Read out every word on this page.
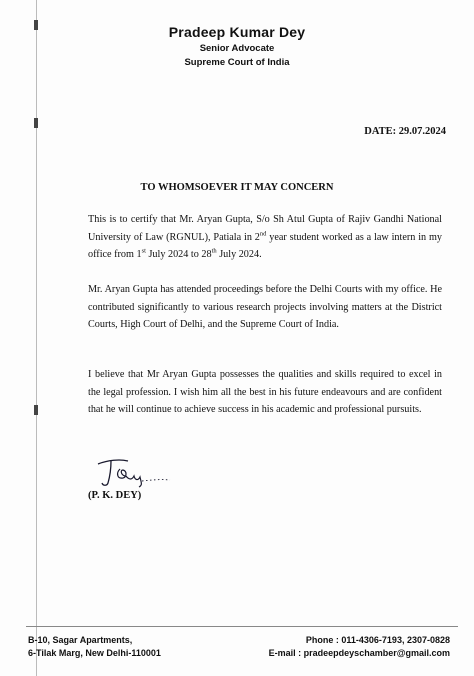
Pradeep Kumar Dey
Senior Advocate
Supreme Court of India
DATE: 29.07.2024
TO WHOMSOEVER IT MAY CONCERN

This is to certify that Mr. Aryan Gupta, S/o Sh Atul Gupta of Rajiv Gandhi National University of Law (RGNUL), Patiala in 2nd year student worked as a law intern in my office from 1st July 2024 to 28th July 2024.

Mr. Aryan Gupta has attended proceedings before the Delhi Courts with my office. He contributed significantly to various research projects involving matters at the District Courts, High Court of Delhi, and the Supreme Court of India.

I believe that Mr Aryan Gupta possesses the qualities and skills required to excel in the legal profession. I wish him all the best in his future endeavours and are confident that he will continue to achieve success in his academic and professional pursuits.

(P. K. DEY)
B-10, Sagar Apartments,
6-Tilak Marg, New Delhi-110001
Phone : 011-4306-7193, 2307-0828
E-mail : pradeepdeyschamber@gmail.com
